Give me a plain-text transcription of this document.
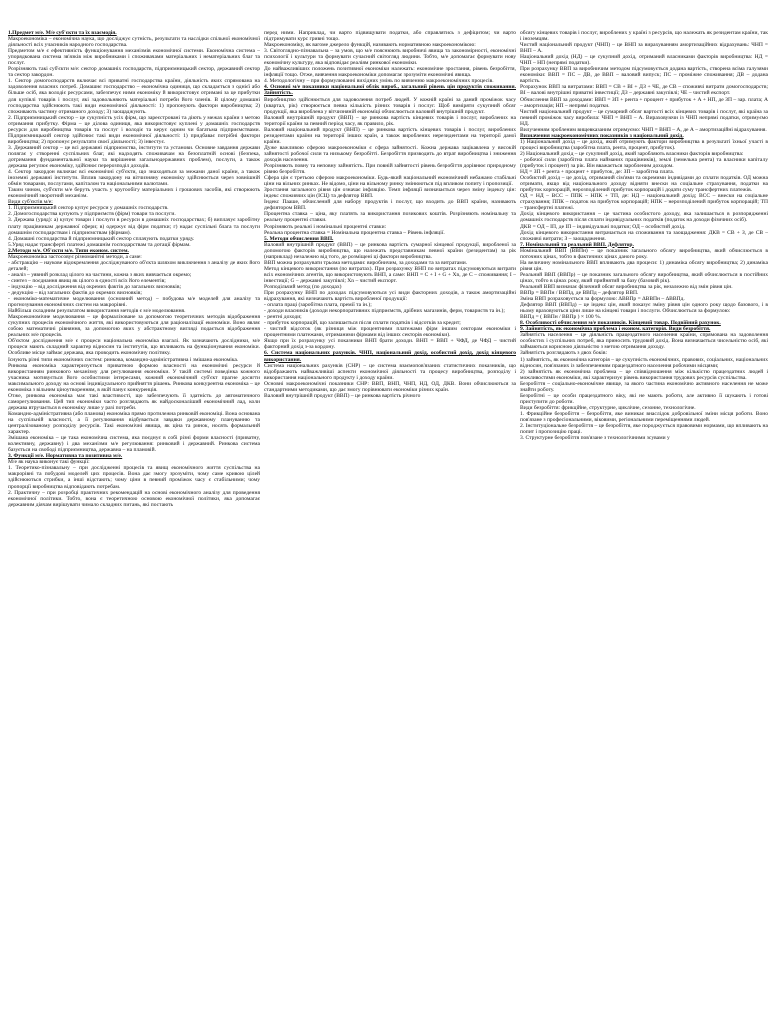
1.Предмет м/е. М/е суб'єкти та їх взаємодія.

Макроекономіка – економічна наука, що досліджує сутність, результати та наслідки спільної економічної діяльності всіх учасників народного господарства.

Предметом м/е є ефективність функціонування механізмів економічної системи. Економічна система – упорядкована система зв'язків між виробниками і споживачами матеріальних і нематеріальних благ та послуг.

Розрізняють такі суб'єкти м/е: сектор домашніх господарств, підприємницький сектор, державний сектор та сектор закордон.

1. Сектор домогосподарств включає всі приватні господарства країни, діяльність яких спрямована на задоволення власних потреб. Домашнє господарство – економічна одиниця, що складається з однієї або більше осіб, яка володіє ресурсами, забезпечує ними економіку й використовує отримані за це прибутки для купівлі товарів і послуг, які задовольняють матеріальні потреби його членів. В цілому домашні господарства здійснюють такі види економічної діяльності: 1) пропонують фактори виробництва; 2) споживають частину отриманого доходу; 3) заощаджують.

2. Підприємницький сектор – це сукупність усіх фірм, що зареєстровані та діють у межах країни з метою отримання прибутку. Фірма – це ділова одиниця, яка використовує куплені у домашніх господарств ресурси для виробництва товарів та послуг і володіє та керує одним чи багатьма підприємствами. Підприємницький сектор здійснює такі види економічної діяльності: 1) придбаває потрібні фактори виробництва; 2) пропонує результати своєї діяльності; 3) інвестує.

3. Державний сектор – це всі державні підприємства, інститути та установи. Основне завдання держави полягає у створенні суспільних благ, які надходять споживачам на безоплатній основі (безпека, дотримання фундаментальної науки та вирішення загальнодержавних проблем), послуги, а також держава регулює економіку, здійснює перерозподіл доходів.

4. Сектор закордон включає всі економічні суб'єкти, що знаходяться за межами даної країни, а також іноземні державні інститути. Вплив закордону на вітчизняну економіку здійснюється через зовнішній обмін товарами, послугами, капіталом та національними валютами.

Таким чином, суб'єкти м/е беруть участь у кругообігу матеріальних і грошових засобів, які створюють економічний зворотний механізм.

Види суб'єктів м/е:

1. Підприємницький сектор купує ресурси у домашніх господарств.

2. Домогосподарства купують у підприємств (фірм) товари та послуги.

3. Держава (уряд): а) купує товари і послуги в ресурси в домашніх господарствах; б) виплачує заробітну плату працівникам державної сфери; в) одержує від фірм податки; г) надає суспільні блага та послуги домашнім господарствам і підприємствам (фірмам).

4. Домашні господарства й підприємницький сектор сплачують податки уряду.

5.Уряд надає трансферті платежі домашнім господарствам та дотації фірмам.

2.Методи м/е. Об'єкти м/е. Типи економ. систем.

Макроекономіка застосовує різноманітні методи, а саме:

- абстракцію – наукове відокремлення досліджуваного об'єкта шляхом виключення з аналізу де яких його деталей;

- аналіз – уявний розклад цілого на частини, кожна з яких вивчається окремо;

- синтез – поєднання явищ як цілого в єдності всіх його елементів;

- індукцію – від дослідження від окремих фактів до загальних висновків;

- дедукцію – від загальних фактів до окремих висновків;

- економіко-математичне моделювання (основний метод) – побудова м/е моделей для аналізу та прогнозування економічних систем на макрорівні.

Найбільш складним результатом використання методів є м/е моделювання.

Макроекономічне моделювання – це формалізоване за допомогою теоретичних методів відображення сукупних процесів економічного життя, які використовуються для раціоналізації економіки. Воно являє собою математичні рівняння, за допомогою яких у абстрактному вигляді подається відображення реальних м/е процесів.

Об'єктом дослідження м/е є процеси національна економіка взагалі. Як зазначають дослідники, м/е процеси мають складний характер відносин та інститутів, що впливають на функціонування економіки. Особливе місце займає держава, яка проводить економічну політику.

Існують різні типи економічних систем: ринкова, командно-адміністративна і змішана економіка.

Ринкова економіка характеризується приватною формою власності на економічні ресурси й використанням ринкового механізму для регулювання економіки. У такій системі поведінка кожного учасника мотивується його особистими інтересами, кожний економічний суб'єкт прагне досягти максимального доходу на основі індивідуального прийняття рішень. Ринкова конкурентна економіка – це економіка з вільним ціноутворенням, в якій панує конкуренція.

Отже, ринкова економіка має такі властивості, що забезпечують її здатність до автоматичного саморегулювання. Цей тип економіки часто розглядають як найдосконаліший економічний лад, коли держава втручається в економіку лише у разі потреби.

Командно-адміністративна (або планова) економіка прямо протилежна ринковій економіці. Вона основана на суспільній власності, а її регулювання відбувається завдяки державному плануванню та централізованому розподілу ресурсів. Такі економічні явища, як ціна та ринок, носять формальний характер.

Змішана економіка – це така економічна система, яка поєднує в собі різні форми власності (приватну, колективну, державну) і два механізми м/е регулювання: ринковий і державний. Ринкова система базується на свободі підприємництва, державна – на плановій.

3. Функції м/е. Нормативна та позитивна м/е.

М/е як наука виконує такі функції:

1. Теоретико-пізнавальну – при дослідженні процесів та явищ економічного життя суспільства на макрорівні та побудові моделей цих процесів. Вона дає змогу зрозуміти, чому саме кривою цілей здійснюються стрибки, а інші відстають; чому ціни в певний проміжок часу є стабільними; чому пропорції виробництва відповідають потребам.

2. Практичну – при розробці практичних рекомендацій на основі економічного аналізу для проведення економічної політики. Тобто, вона є теоретичною основою економічної політики, яка допомагає державним діячам вирішувати чимало складних питань, які постають

перед ними. Наприклад, чи варто підвищувати податки, або справлятись з дефіцитом; чи варто підтримувати курс гривні тощо.

Макроекономіку, як вагоме джерело функцій, називають нормативною макроекономікою:

3. Світоглядно-пізнавальна – за умов, що м/е пояснюють виробничі явища та закономірності, економічні психології і культури та формувати сучасний світогляд людини. Тобто, м/е допомагає формувати нову економічну культуру, яка відповідає реаліям ринкової економіки.

До найважливіших положень позитивної економіки належать: економічне зростання, рівень безробіття, інфляції тощо. Отже, вивчення макроекономіки допомагає зрозуміти економічні явища.

4. Методологічну – при формулюванні вихідних умінь по вивченню макроекономічних процесів.

4. Основні м/е показники національної облік вироб., загальний рівень цін продуктів споживання. Зайнятість.

Виробництво здійснюється для задоволення потреб людей. У кожній країні за даний проміжок часу (квартал, рік) створюється певна кількість різних товарів і послуг. Щоб виміряти сукупний обсяг продукції, яка вироблена у вітчизняній економіці обчислюється валовий внутрішній продукт.

Валовий внутрішній продукт (ВВП) – це ринкова вартість кінцевих товарів і послуг, вироблених на території країни за певний період часу, як правило, рік.

Валовий національний продукт (ВНП) – це ринкова вартість кінцевих товарів і послуг, вироблених резидентами країни на території інших країн, а також вироблених нерезидентами на території даної країни.

Дуже важливою сферою макроекономіки є сфера зайнятості. Кожна держава зацікавлена у високій зайнятості робочої сили та низькому безробітті. Безробіття призводить до втрат виробництва і зниження доходів населення.

Розрізняють повну та неповну зайнятість. При повній зайнятості рівень безробіття дорівнює природному рівню безробіття.

Сфера цін є третьою сферою макроекономіки. Будь-який національний економічний небажано стабільні ціни на вільних ринках. Не відомо, ціни на вільному ринку змінюються під впливом попиту і пропозиції.

Зростання загального рівня цін означає інфляцію. Темп інфляції визначається через зміну індексу цін: індекс споживчих цін (ІСЦ) та дефлятор ВВП.

Індекс Пааше, обчислений для набору продуктів і послуг, що входить до ВВП країни, називають дефлятором ВВП.

Процентна ставка – ціна, яку платять за використання позикових коштів. Розрізняють номінальну та реальну процентні ставки.

Розрізняють реальні і номінальні процентні ставки:

Реальна процентна ставка = Номінальна процентна ставка – Рівень інфляції.

5. Методи обчислення ВВП.

Валовий внутрішній продукт (ВВП) – це ринкова вартість сумарної кінцевої продукції, виробленої за допомогою факторів виробництва, що належать представникам певної країни (резидентам) за рік (наприклад) незалежно від того, де розміщені ці фактори виробництва.

ВВП можна розрахувати трьома методами: виробничим, за доходами та за витратами.

Метод кінцевого використання (по витратах). При розрахунку ВНП по витратах підсумовуються витрати всіх економічних агентів, що використовують ВНП, а саме: ВНП = C + I + G + Xn, де C – споживання; I – інвестиції; G – державні закупівлі; Xn – чистий експорт.

Розподільчий метод (по доходах)

При розрахунку ВНП по доходах підсумовуються усі види факторних доходів, а також амортизаційні відрахування, які визначають вартість виробленої продукції:

- оплата праці (заробітна плата, премії та ін.);

- доходи власників (доходи некорпоративних підприємств, дрібних магазинів, ферм, товариств та ін.);

- рентні доходи;

- прибуток корпорацій, що залишається після сплати податків і відсотків за кредит;

- чистий відсоток (як різниця між процентними платежами фірм іншим секторам економіки і процентними платежами, отриманими фірмами від інших секторів економіки).

Якщо при їх розрахунку усі показники ВНП брати доходи. ВНП = ВВП + ЧФД, де ЧФД – чистий факторний дохід з-за кордону.

6. Система національних рахунків. ЧНП, національний дохід, особистий дохід, дохід кінцевого використання.

Система національних рахунків (СНР) – це система взаємопов'язаних статистичних показників, що відображають найважливіші аспекти економічної діяльності та процесу виробництва, розподілу і використання національного продукту і доходу країни.

Основні макроекономічні показники СНР: ВВП, ВНП, ЧНП, НД, ОД, ДКВ. Вони обчислюються за стандартними методиками, що дає змогу порівнювати економіки різних країн.

Валовий внутрішній продукт (ВВП) – це ринкова вартість річного

обсягу кінцевих товарів і послуг, вироблених у країні з ресурсів, що належать як резидентам країни, так і іноземцям.

Чистий національний продукт (ЧНП) – це ВНП за вирахуванням амортизаційних відрахувань: ЧНП = ВНП – А.

Національний дохід (НД) – це сукупний дохід, отриманий власниками факторів виробництва: НД = ЧНП – НП (непрямі податки).

При розрахунку ВВП за виробничим методом підсумовується додана вартість, створена всіма галузями економіки: ВВП = ПС – ДВ, де ВВП – валовий випуск; ПС – проміжне споживання; ДВ – додана вартість.

Розрахунок ВВП за витратами: ВВП = СВ + ВІ + ДЗ + ЧЕ, де СВ – споживчі витрати домогосподарств; ВІ – валові внутрішні приватні інвестиції; ДЗ – державні закупівлі; ЧЕ – чистий експорт.

Обчислення ВВП за доходами: ВВП = ЗП + рента + процент + прибуток + А + НП, де ЗП – зар. плата; А – амортизація; НП – непрямі податки.

Чистий національний продукт – це сумарний обсяг вартості всіх кінцевих товарів і послуг, які країна за певний проміжок часу виробила: ЧНП = ВНП – А. Вираховуючи із ЧНП непрямі податки, отримуємо НД.

Вилученням зробленим вищевказаним отримуємо: ЧНП = ВНП – А, де А – амортизаційні відрахування.

Визначення макроекономічних показників з національний дохід.

1) Національний дохід – це дохід, який отримують фактори виробництва в результаті їхньої участі в процесі виробництва (заробітна плата, рента, процент, прибуток).

2) Національний дохід – це сукупний дохід, який заробляють власники факторів виробництва:

- робочої сили (заробітна плата найманих працівників), землі (земельна рента) та власники капіталу (прибуток і процент) за рік. Він вважається заробленим доходом.

НД = ЗП + рента + процент + прибуток, де: ЗП – заробітна плата.

Особистий дохід – це дохід, отриманий сім'ями та окремими індивідами до сплати податків. ОД можна отримати, якщо від національного доходу відняти внески на соціальне страхування, податки на прибуток корпорацій, нерозподілений прибуток корпорацій і додати суму трансфертних платежів.

ОД = НД – ВСС – ППК – НПК + ТП, де: НД – національний дохід; ВСС – внески на соціальне страхування; ППК – податок на прибуток корпорацій; НПК – нерозподілений прибуток корпорацій; ТП – трансфертні платежі.

Дохід кінцевого використання – це частина особистого доходу, яка залишається в розпорядженні домашніх господарств після сплати індивідуальних податків (податок на доходи фізичних осіб).

ДКВ = ОД – ІП, де ІП – індивідуальні податки; ОД – особистий дохід.

Дохід кінцевого використання витрачається на споживання та заощадження: ДКВ = СВ + З, де СВ – споживчі витрати; З – заощадження.

7. Номінальний та реальний ВВП. Дефлятор.

Номінальний ВВП (ВВПн) – це показник загального обсягу виробництва, який обчислюється в поточних цінах, тобто в фактичних цінах даного року.

На величину номінального ВВП впливають два процеси: 1) динаміка обсягу виробництва; 2) динаміка рівня цін.

Реальний ВВП (ВВПр) – це показник загального обсягу виробництва, який обчислюється в постійних цінах, тобто в цінах року, який прийнятий за базу (базовий рік).

Реальний ВВП визначає фізичний обсяг виробництва за рік, незалежно від змін рівня цін.

ВВПр = ВВПн / ВВПд, де ВВПд – дефлятор ВВП.

Зміна ВВП розраховується за формулою: ΔВВПр = ΔВВПн – ΔВВПд.

Дефлятор ВВП (ВВПд) – це індекс цін, який показує зміну рівня цін одного року щодо базового, і в ньому враховуються ціни лише на кінцеві товари і послуги. Обчислюється за формулою:

ВВПд = ( ВВПн / ВВПр ) × 100 %.

8. Особливості обчислення м/е показників. Кінцевий товар. Подвійний рахунок.

9. Зайнятість, як економічна проблема і економ. категорія. Види безробіття.

Зайнятість населення – це діяльність працездатного населення країни, спрямована на задоволення особистих і суспільних потреб, яка приносить трудовий дохід. Вона визначається чисельністю осіб, які займаються корисною діяльністю з метою отримання доходу.

Зайнятість розглядають з двох боків:

1) зайнятість, як економічна категорія – це сукупність економічних, правових, соціальних, національних відносин, пов'язаних із забезпеченням працездатного населення робочими місцями;

2) зайнятість як економічна проблема – це співвідношення між кількістю працездатних людей і можливостями економіки, які характеризує рівень використання трудових ресурсів суспільства.

Безробіття – соціально-економічне явище, за якого частина економічно активного населення не може знайти роботу.

Безробітні – це особи працездатного віку, які не мають роботи, але активно її шукають і готові приступити до роботи.

Види безробіття: фрикційне, структурне, циклічне, сезонне, технологічне.

1. Фрикційне безробіття – безробіття, яке виникає внаслідок добровільної зміни місця роботи. Воно пов'язане з професіональними, віковими, регіональними переміщеннями людей.

2. Інституціональне безробіття – це безробіття, яке породжується правовими нормами, що впливають на попит і пропозицію праці.

3. Структурне безробіття пов'язане з технологічними зсувами у
